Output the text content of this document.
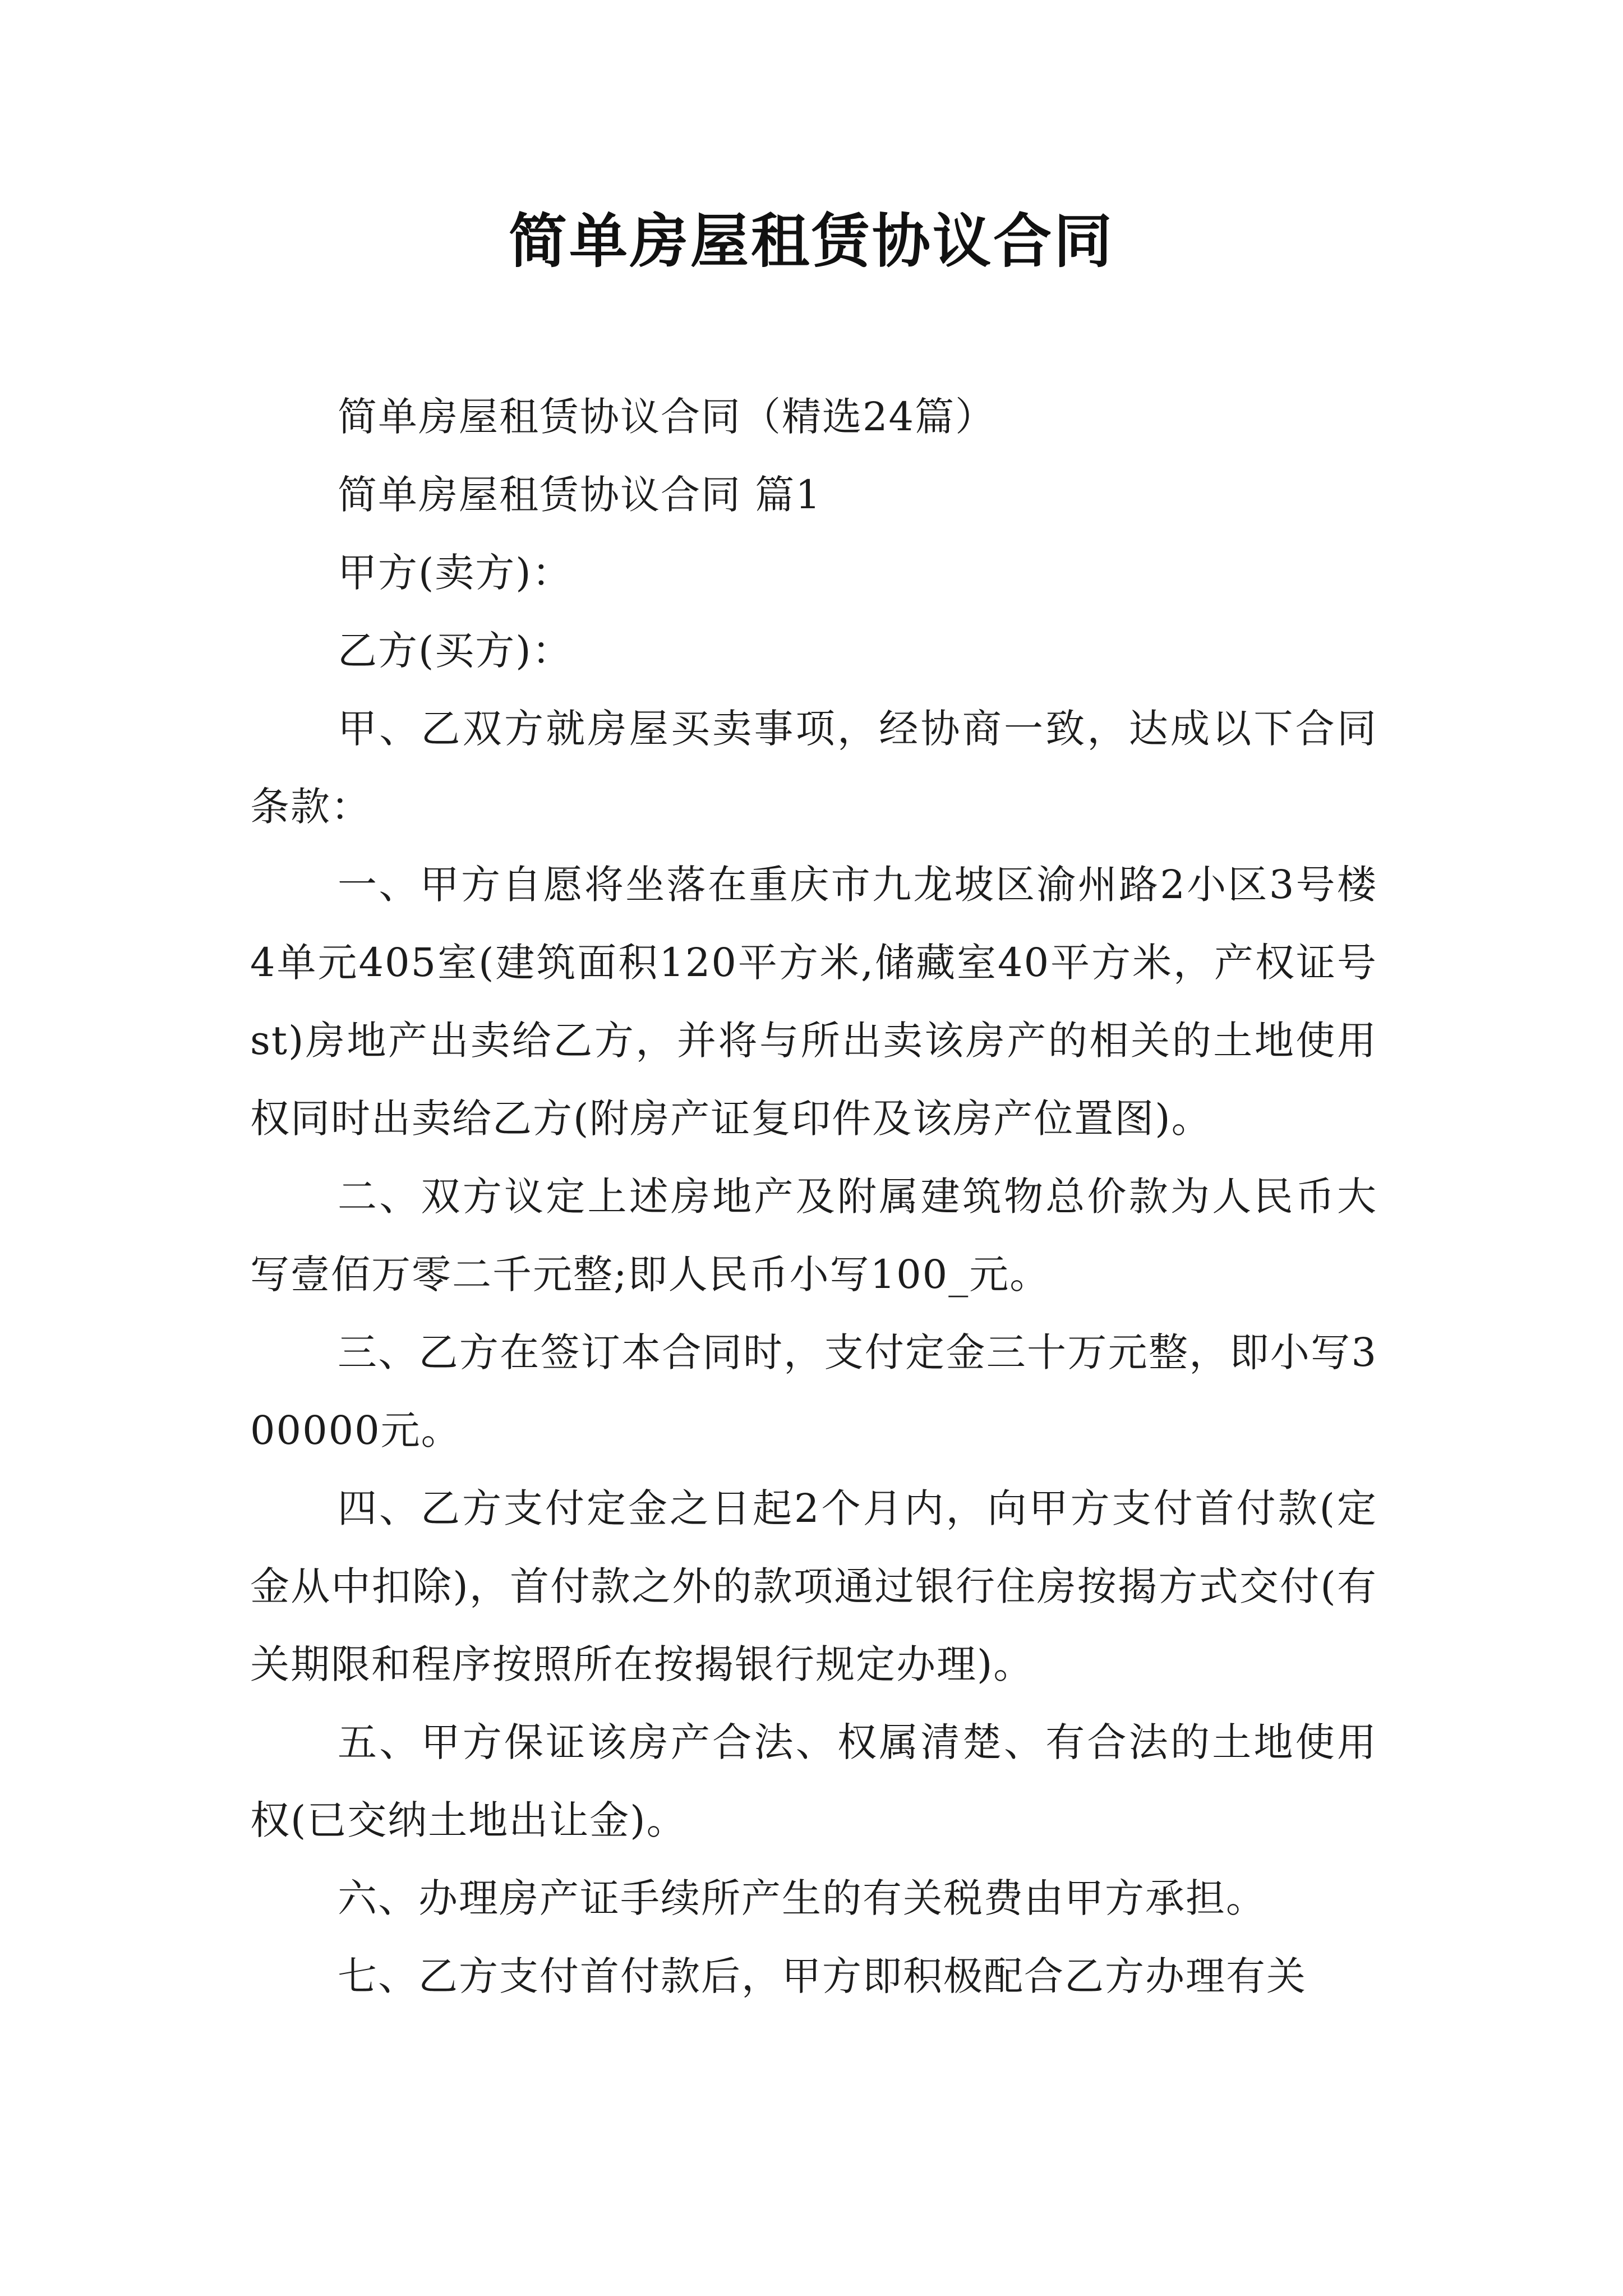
简单房屋租赁协议合同

简单房屋租赁协议合同（精选24篇）

简单房屋租赁协议合同 篇1

甲方(卖方)：

乙方(买方)：

甲、乙双方就房屋买卖事项，经协商一致，达成以下合同条款：

一、甲方自愿将坐落在重庆市九龙坡区渝州路2小区3号楼4单元405室(建筑面积120平方米,储藏室40平方米，产权证号st)房地产出卖给乙方，并将与所出卖该房产的相关的土地使用权同时出卖给乙方(附房产证复印件及该房产位置图)。

二、双方议定上述房地产及附属建筑物总价款为人民币大写壹佰万零二千元整;即人民币小写100_元。

三、乙方在签订本合同时，支付定金三十万元整，即小写300000元。

四、乙方支付定金之日起2个月内，向甲方支付首付款(定金从中扣除)，首付款之外的款项通过银行住房按揭方式交付(有关期限和程序按照所在按揭银行规定办理)。

五、甲方保证该房产合法、权属清楚、有合法的土地使用权(已交纳土地出让金)。

六、办理房产证手续所产生的有关税费由甲方承担。

七、乙方支付首付款后，甲方即积极配合乙方办理有关
